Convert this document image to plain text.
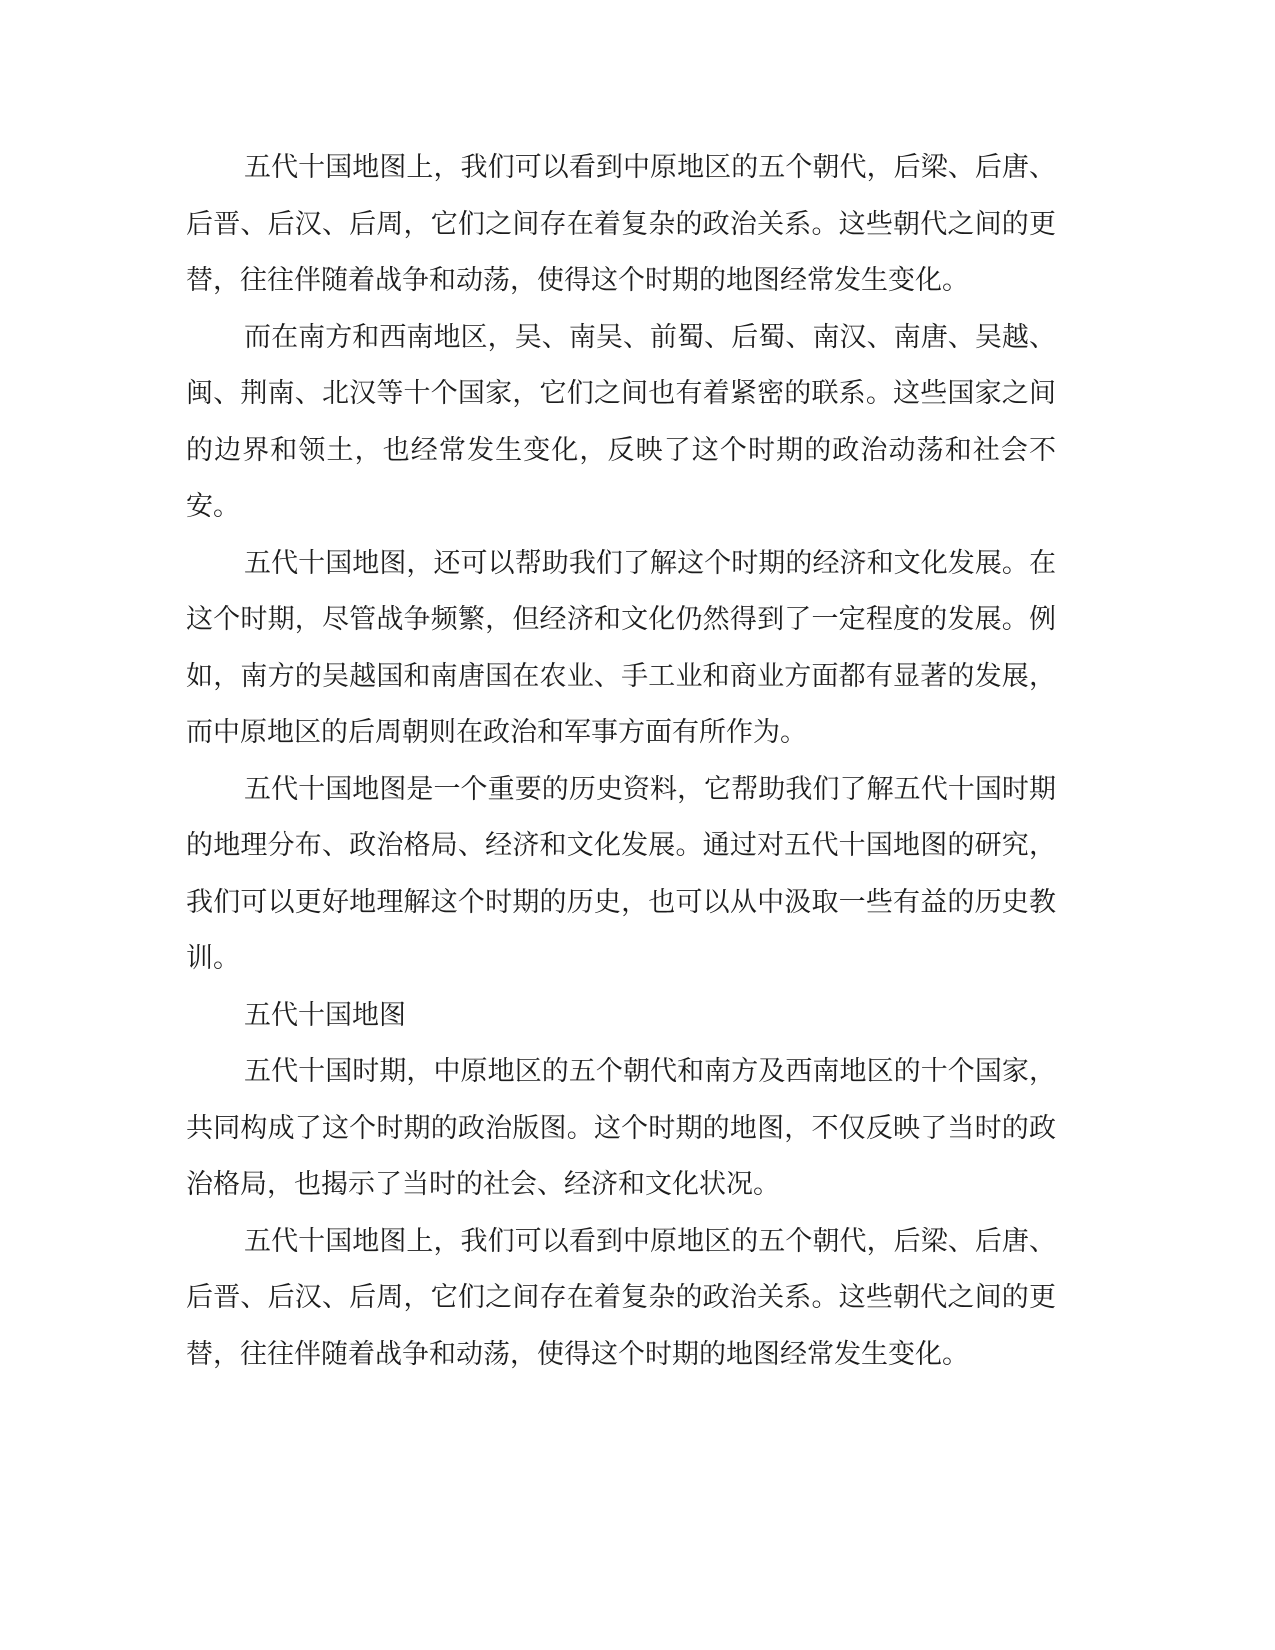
五代十国地图上，我们可以看到中原地区的五个朝代，后梁、后唐、后晋、后汉、后周，它们之间存在着复杂的政治关系。这些朝代之间的更替，往往伴随着战争和动荡，使得这个时期的地图经常发生变化。

而在南方和西南地区，吴、南吴、前蜀、后蜀、南汉、南唐、吴越、闽、荆南、北汉等十个国家，它们之间也有着紧密的联系。这些国家之间的边界和领土，也经常发生变化，反映了这个时期的政治动荡和社会不安。

五代十国地图，还可以帮助我们了解这个时期的经济和文化发展。在这个时期，尽管战争频繁，但经济和文化仍然得到了一定程度的发展。例如，南方的吴越国和南唐国在农业、手工业和商业方面都有显著的发展，而中原地区的后周朝则在政治和军事方面有所作为。

五代十国地图是一个重要的历史资料，它帮助我们了解五代十国时期的地理分布、政治格局、经济和文化发展。通过对五代十国地图的研究，我们可以更好地理解这个时期的历史，也可以从中汲取一些有益的历史教训。

五代十国地图

五代十国时期，中原地区的五个朝代和南方及西南地区的十个国家，共同构成了这个时期的政治版图。这个时期的地图，不仅反映了当时的政治格局，也揭示了当时的社会、经济和文化状况。

五代十国地图上，我们可以看到中原地区的五个朝代，后梁、后唐、后晋、后汉、后周，它们之间存在着复杂的政治关系。这些朝代之间的更替，往往伴随着战争和动荡，使得这个时期的地图经常发生变化。
